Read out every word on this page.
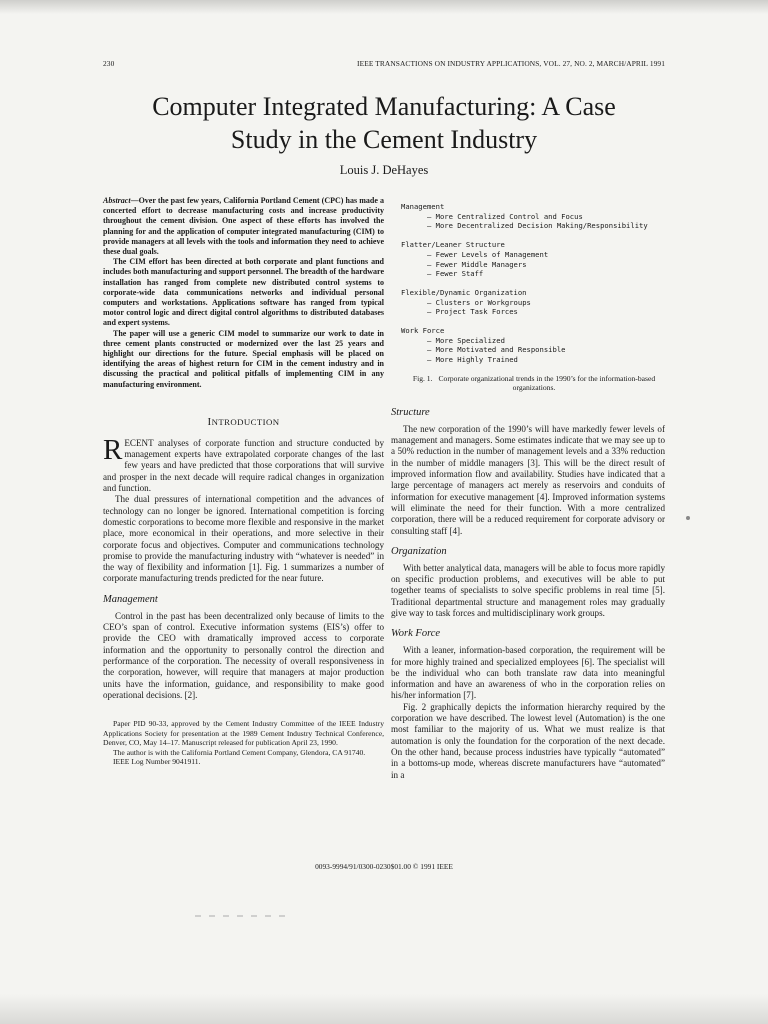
230	IEEE TRANSACTIONS ON INDUSTRY APPLICATIONS, VOL. 27, NO. 2, MARCH/APRIL 1991
Computer Integrated Manufacturing: A Case
Study in the Cement Industry
Louis J. DeHayes

Abstract—Over the past few years, California Portland Cement (CPC) has made a concerted effort to decrease manufacturing costs and increase productivity throughout the cement division. One aspect of these efforts has involved the planning for and the application of computer integrated manufacturing (CIM) to provide managers at all levels with the tools and information they need to achieve these dual goals.

The CIM effort has been directed at both corporate and plant functions and includes both manufacturing and support personnel. The breadth of the hardware installation has ranged from complete new distributed control systems to corporate-wide data communications networks and individual personal computers and workstations. Applications software has ranged from typical motor control logic and direct digital control algorithms to distributed databases and expert systems.

The paper will use a generic CIM model to summarize our work to date in three cement plants constructed or modernized over the last 25 years and highlight our directions for the future. Special emphasis will be placed on identifying the areas of highest return for CIM in the cement industry and in discussing the practical and political pitfalls of implementing CIM in any manufacturing environment.

INTRODUCTION

RECENT analyses of corporate function and structure conducted by management experts have extrapolated corporate changes of the last few years and have predicted that those corporations that will survive and prosper in the next decade will require radical changes in organization and function.

The dual pressures of international competition and the advances of technology can no longer be ignored. International competition is forcing domestic corporations to become more flexible and responsive in the market place, more economical in their operations, and more selective in their corporate focus and objectives. Computer and communications technology promise to provide the manufacturing industry with “whatever is needed” in the way of flexibility and information [1]. Fig. 1 summarizes a number of corporate manufacturing trends predicted for the near future.

Management

Control in the past has been decentralized only because of limits to the CEO’s span of control. Executive information systems (EIS’s) offer to provide the CEO with dramatically improved access to corporate information and the opportunity to personally control the direction and performance of the corporation. The necessity of overall responsiveness in the corporation, however, will require that managers at major production units have the information, guidance, and responsibility to make good operational decisions. [2].

Paper PID 90-33, approved by the Cement Industry Committee of the IEEE Industry Applications Society for presentation at the 1989 Cement Industry Technical Conference, Denver, CO, May 14–17. Manuscript released for publication April 23, 1990.

The author is with the California Portland Cement Company, Glendora, CA 91740.

IEEE Log Number 9041911.

Management
– More Centralized Control and Focus
– More Decentralized Decision Making/Responsibility
Flatter/Leaner Structure
– Fewer Levels of Management
– Fewer Middle Managers
– Fewer Staff
Flexible/Dynamic Organization
– Clusters or Workgroups
– Project Task Forces
Work Force
– More Specialized
– More Motivated and Responsible
– More Highly Trained
Fig. 1. Corporate organizational trends in the 1990’s for the information-based organizations.
Structure

The new corporation of the 1990’s will have markedly fewer levels of management and managers. Some estimates indicate that we may see up to a 50% reduction in the number of management levels and a 33% reduction in the number of middle managers [3]. This will be the direct result of improved information flow and availability. Studies have indicated that a large percentage of managers act merely as reservoirs and conduits of information for executive management [4]. Improved information systems will eliminate the need for their function. With a more centralized corporation, there will be a reduced requirement for corporate advisory or consulting staff [4].

Organization

With better analytical data, managers will be able to focus more rapidly on specific production problems, and executives will be able to put together teams of specialists to solve specific problems in real time [5]. Traditional departmental structure and management roles may gradually give way to task forces and multidisciplinary work groups.

Work Force

With a leaner, information-based corporation, the requirement will be for more highly trained and specialized employees [6]. The specialist will be the individual who can both translate raw data into meaningful information and have an awareness of who in the corporation relies on his/her information [7].

Fig. 2 graphically depicts the information hierarchy required by the corporation we have described. The lowest level (Automation) is the one most familiar to the majority of us. What we must realize is that automation is only the foundation for the corporation of the next decade. On the other hand, because process industries have typically “automated” in a bottoms-up mode, whereas discrete manufacturers have “automated” in a

0093-9994/91/0300-0230$01.00 © 1991 IEEE
